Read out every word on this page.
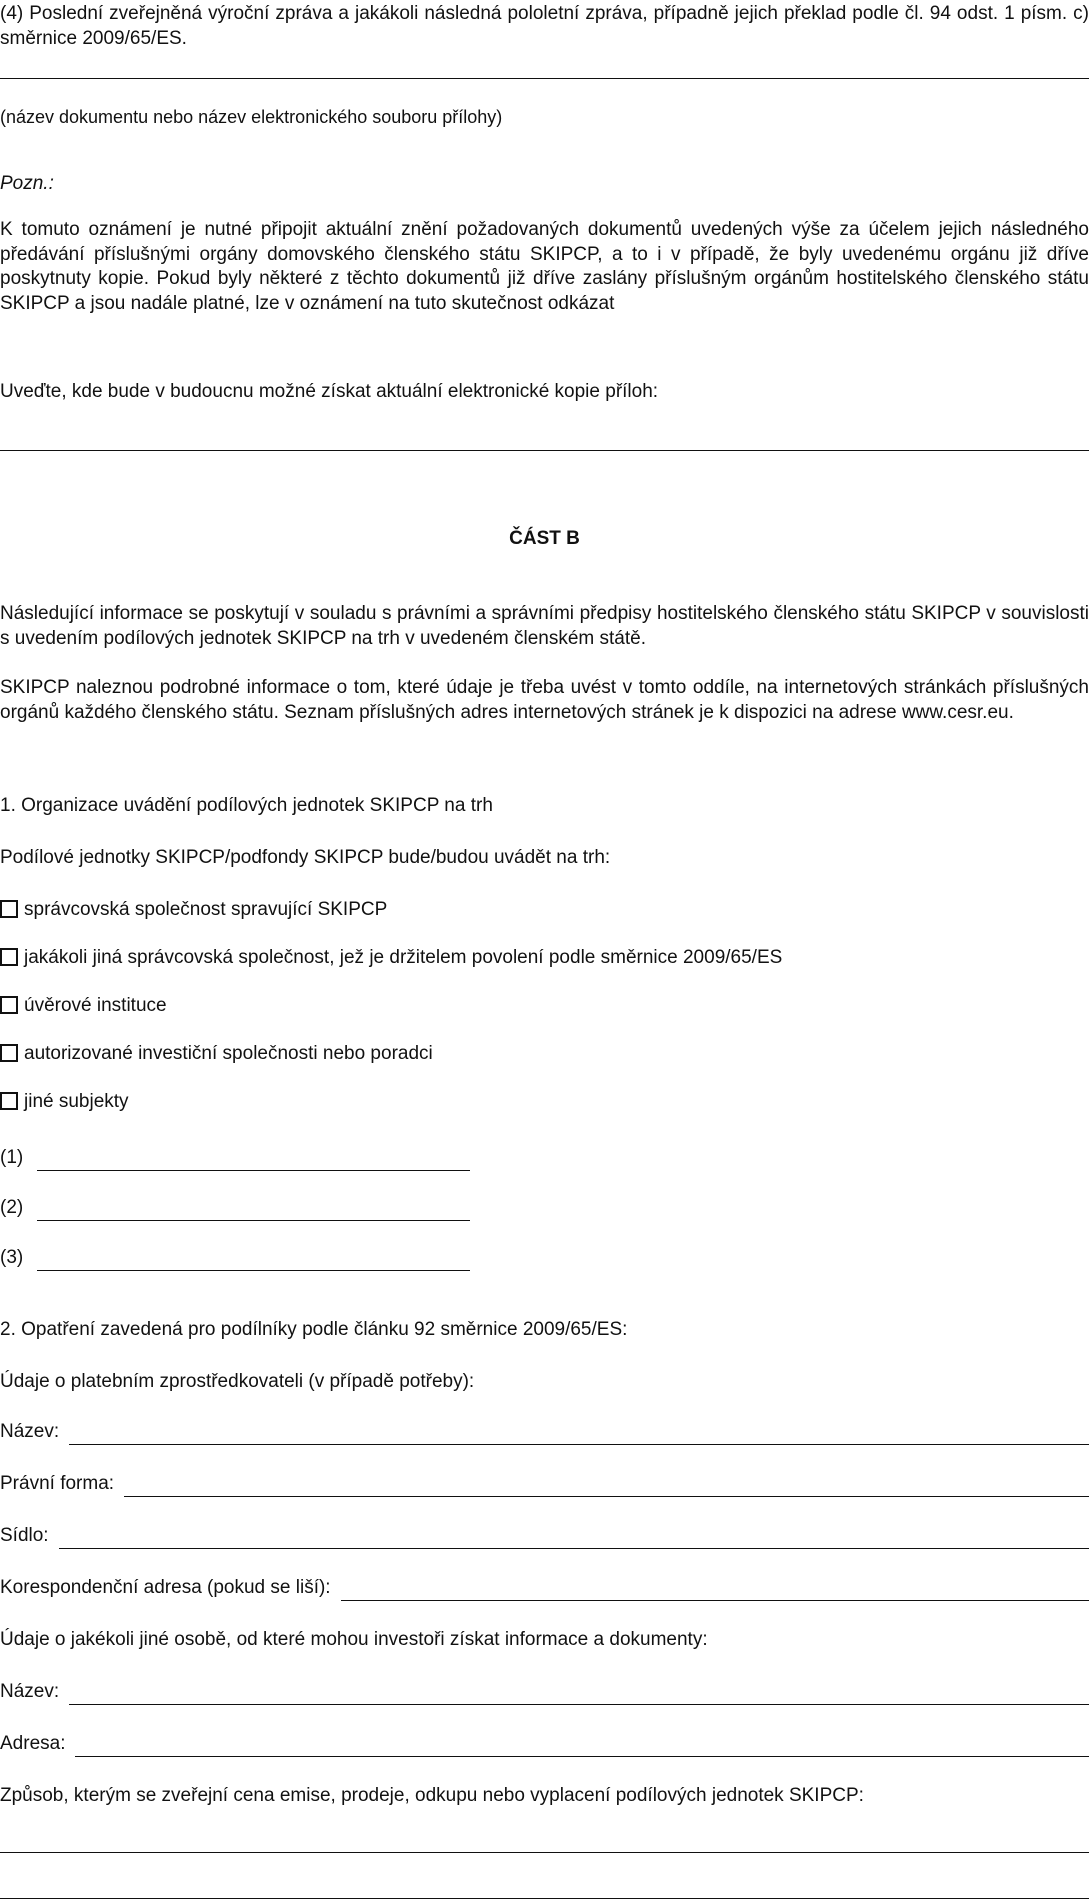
(4) Poslední zveřejněná výroční zpráva a jakákoli následná pololetní zpráva, případně jejich překlad podle čl. 94 odst. 1 písm. c) směrnice 2009/65/ES.
(název dokumentu nebo název elektronického souboru přílohy)
Pozn.:
K tomuto oznámení je nutné připojit aktuální znění požadovaných dokumentů uvedených výše za účelem jejich následného předávání příslušnými orgány domovského členského státu SKIPCP, a to i v případě, že byly uvedenému orgánu již dříve poskytnuty kopie. Pokud byly některé z těchto dokumentů již dříve zaslány příslušným orgánům hostitelského členského státu SKIPCP a jsou nadále platné, lze v oznámení na tuto skutečnost odkázat
Uveďte, kde bude v budoucnu možné získat aktuální elektronické kopie příloh:
ČÁST B
Následující informace se poskytují v souladu s právními a správními předpisy hostitelského členského státu SKIPCP v souvislosti s uvedením podílových jednotek SKIPCP na trh v uvedeném členském státě.
SKIPCP naleznou podrobné informace o tom, které údaje je třeba uvést v tomto oddíle, na internetových stránkách příslušných orgánů každého členského státu. Seznam příslušných adres internetových stránek je k dispozici na adrese www.cesr.eu.
1. Organizace uvádění podílových jednotek SKIPCP na trh
Podílové jednotky SKIPCP/podfondy SKIPCP bude/budou uvádět na trh:
správcovská společnost spravující SKIPCP
jakákoli jiná správcovská společnost, jež je držitelem povolení podle směrnice 2009/65/ES
úvěrové instituce
autorizované investiční společnosti nebo poradci
jiné subjekty
(1)
(2)
(3)
2. Opatření zavedená pro podílníky podle článku 92 směrnice 2009/65/ES:
Údaje o platebním zprostředkovateli (v případě potřeby):
Název:
Právní forma:
Sídlo:
Korespondenční adresa (pokud se liší):
Údaje o jakékoli jiné osobě, od které mohou investoři získat informace a dokumenty:
Název:
Adresa:
Způsob, kterým se zveřejní cena emise, prodeje, odkupu nebo vyplacení podílových jednotek SKIPCP:
